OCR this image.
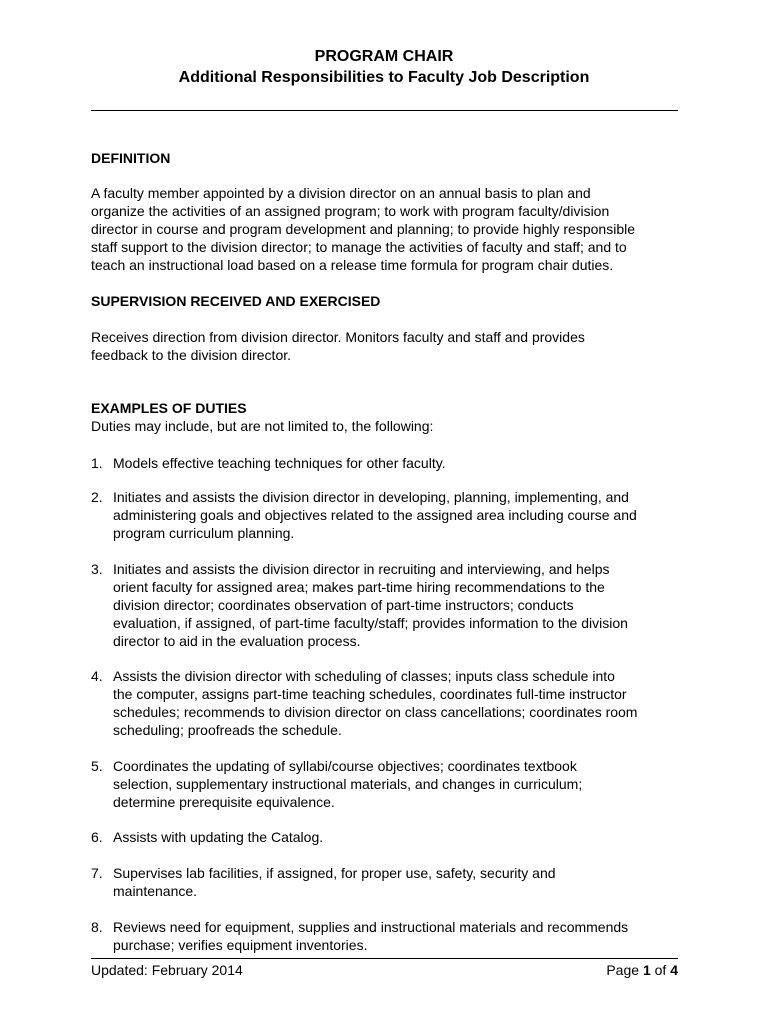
PROGRAM CHAIR
Additional Responsibilities to Faculty Job Description
DEFINITION
A faculty member appointed by a division director on an annual basis to plan and
organize the activities of an assigned program; to work with program faculty/division
director in course and program development and planning; to provide highly responsible
staff support to the division director; to manage the activities of faculty and staff; and to
teach an instructional load based on a release time formula for program chair duties.
SUPERVISION RECEIVED AND EXERCISED
Receives direction from division director. Monitors faculty and staff and provides
feedback to the division director.
EXAMPLES OF DUTIES
Duties may include, but are not limited to, the following:
1. Models effective teaching techniques for other faculty.
2. Initiates and assists the division director in developing, planning, implementing, and
administering goals and objectives related to the assigned area including course and
program curriculum planning.
3. Initiates and assists the division director in recruiting and interviewing, and helps
orient faculty for assigned area; makes part-time hiring recommendations to the
division director; coordinates observation of part-time instructors; conducts
evaluation, if assigned, of part-time faculty/staff; provides information to the division
director to aid in the evaluation process.
4. Assists the division director with scheduling of classes; inputs class schedule into
the computer, assigns part-time teaching schedules, coordinates full-time instructor
schedules; recommends to division director on class cancellations; coordinates room
scheduling; proofreads the schedule.
5. Coordinates the updating of syllabi/course objectives; coordinates textbook
selection, supplementary instructional materials, and changes in curriculum;
determine prerequisite equivalence.
6. Assists with updating the Catalog.
7. Supervises lab facilities, if assigned, for proper use, safety, security and
maintenance.
8. Reviews need for equipment, supplies and instructional materials and recommends
purchase; verifies equipment inventories.
Updated: February 2014	Page 1 of 4
